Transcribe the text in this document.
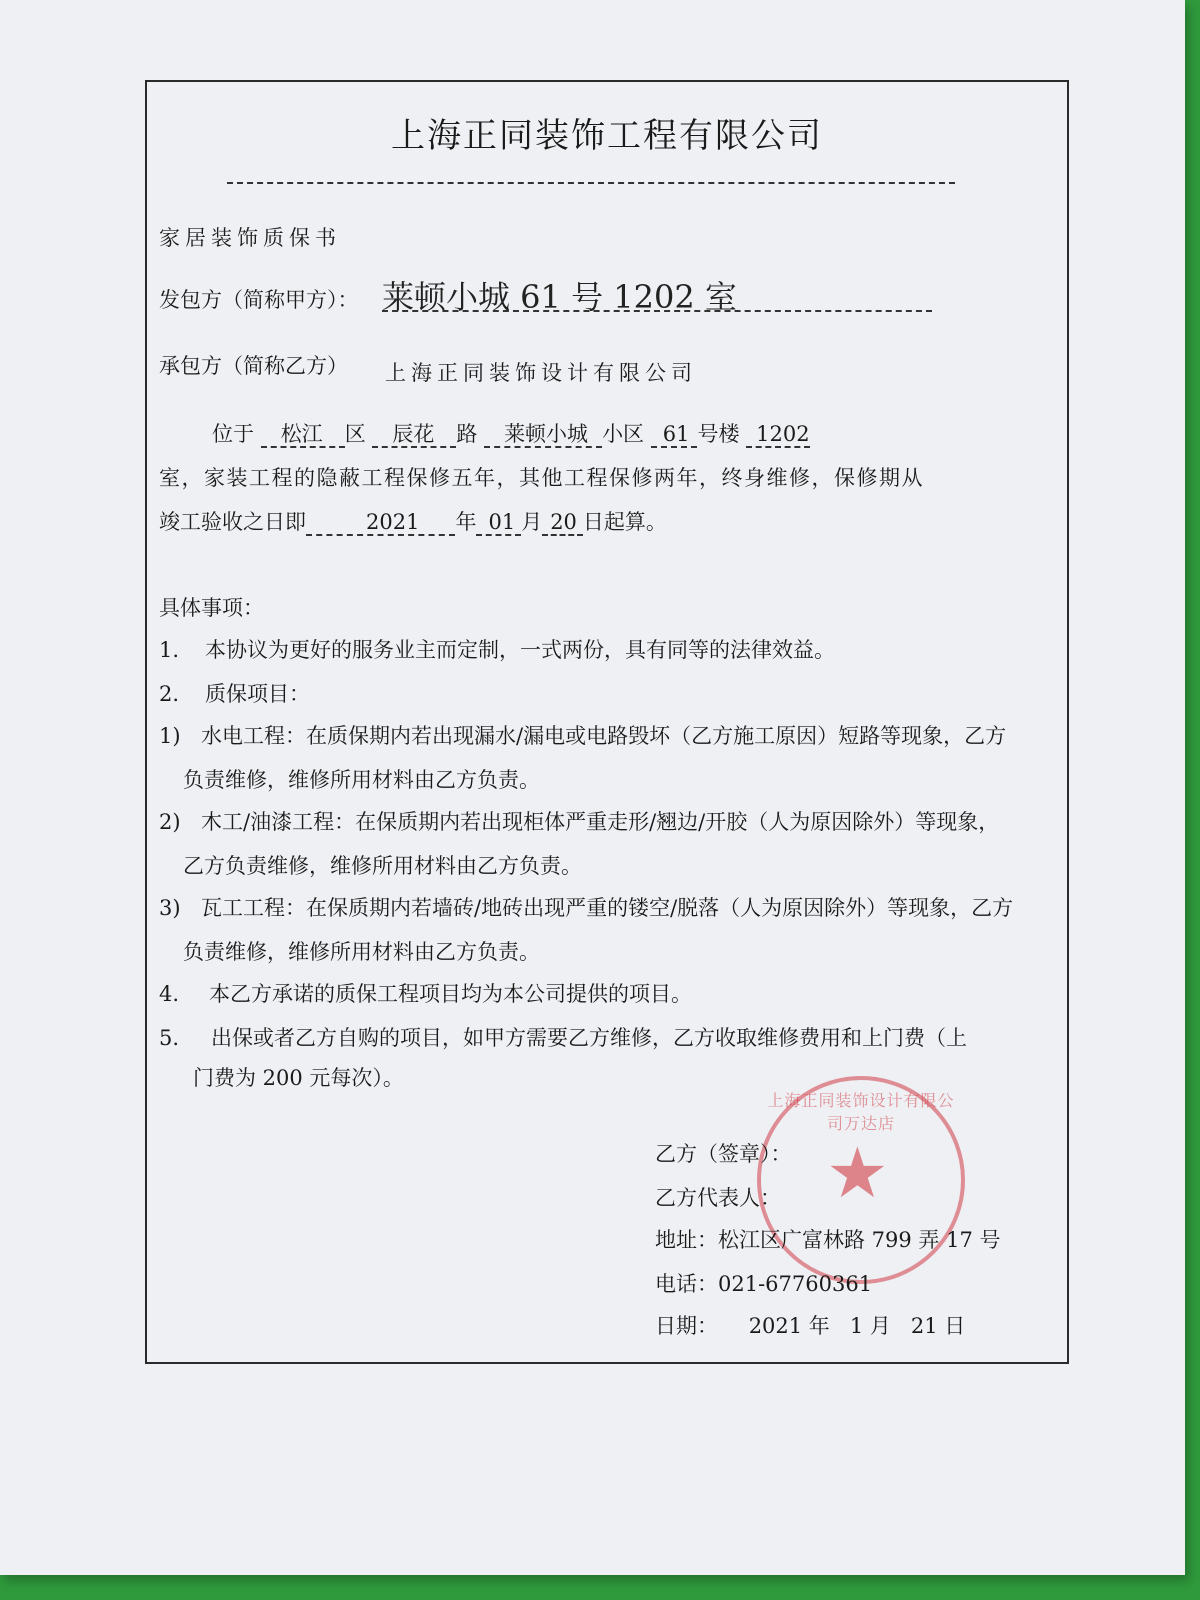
上海正同装饰工程有限公司
家居装饰质保书
发包方（简称甲方）： 莱顿小城 61 号 1202 室
承包方（简称乙方） 上海正同装饰设计有限公司
位于 松江 区 辰花 路 莱顿小城 小区 61 号楼 1202
室，家装工程的隐蔽工程保修五年，其他工程保修两年，终身维修，保修期从
竣工验收之日即	2021 年 01 月 20 日起算。
具体事项：
1. 本协议为更好的服务业主而定制，一式两份，具有同等的法律效益。
2. 质保项目：
1) 水电工程：在质保期内若出现漏水/漏电或电路毁坏（乙方施工原因）短路等现象，乙方
负责维修，维修所用材料由乙方负责。
2) 木工/油漆工程：在保质期内若出现柜体严重走形/翘边/开胶（人为原因除外）等现象，
乙方负责维修，维修所用材料由乙方负责。
3) 瓦工工程：在保质期内若墙砖/地砖出现严重的镂空/脱落（人为原因除外）等现象，乙方
负责维修，维修所用材料由乙方负责。
4. 本乙方承诺的质保工程项目均为本公司提供的项目。
5. 出保或者乙方自购的项目，如甲方需要乙方维修，乙方收取维修费用和上门费（上
门费为 200 元每次）。
上海正同装饰设计有限公司万达店
★
乙方（签章）：
乙方代表人：
地址：松江区广富林路 799 弄 17 号
电话：021-67760361
日期： 2021 年   1 月   21 日
